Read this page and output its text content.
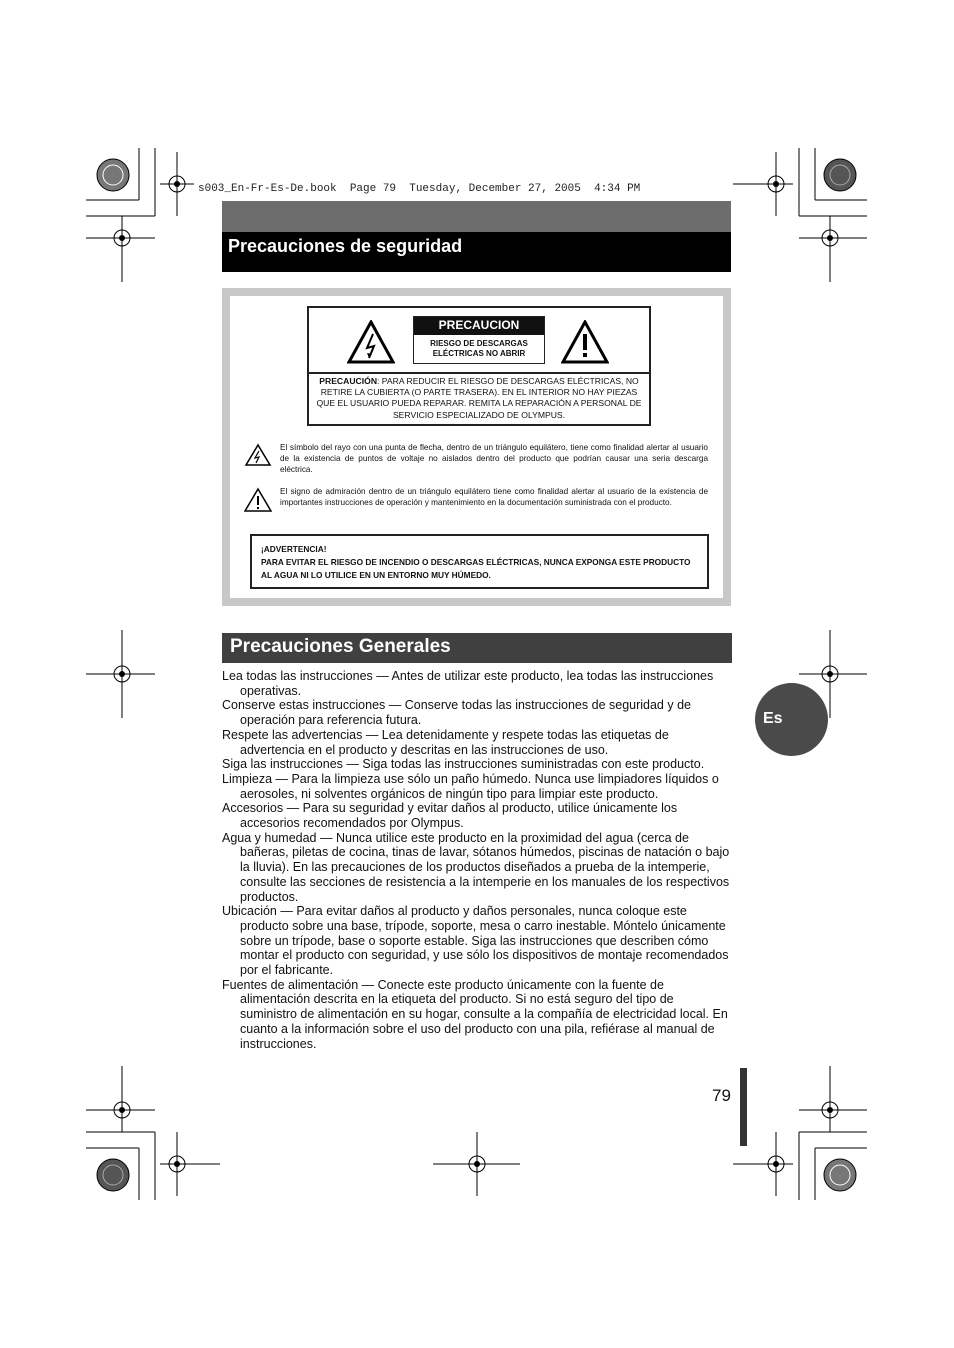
s003_En-Fr-Es-De.book  Page 79  Tuesday, December 27, 2005  4:34 PM
Precauciones de seguridad
PRECAUCION
RIESGO DE DESCARGAS
ELÉCTRICAS NO ABRIR
PRECAUCIÓN: PARA REDUCIR EL RIESGO DE DESCARGAS ELÉCTRICAS, NO RETIRE LA CUBIERTA (O PARTE TRASERA). EN EL INTERIOR NO HAY PIEZAS QUE EL USUARIO PUEDA REPARAR. REMITA LA REPARACIÓN A PERSONAL DE SERVICIO ESPECIALIZADO DE OLYMPUS.
El símbolo del rayo con una punta de flecha, dentro de un triángulo equilátero, tiene como finalidad alertar al usuario de la existencia de puntos de voltaje no aislados dentro del producto que podrían causar una seria descarga eléctrica.
El signo de admiración dentro de un triángulo equilátero tiene como finalidad alertar al usuario de la existencia de importantes instrucciones de operación y mantenimiento en la documentación suministrada con el producto.
¡ADVERTENCIA!
PARA EVITAR EL RIESGO DE INCENDIO O DESCARGAS ELÉCTRICAS, NUNCA EXPONGA ESTE PRODUCTO AL AGUA NI LO UTILICE EN UN ENTORNO MUY HÚMEDO.
Precauciones Generales

Lea todas las instrucciones — Antes de utilizar este producto, lea todas las instrucciones operativas.

Conserve estas instrucciones — Conserve todas las instrucciones de seguridad y de operación para referencia futura.

Respete las advertencias — Lea detenidamente y respete todas las etiquetas de advertencia en el producto y descritas en las instrucciones de uso.

Siga las instrucciones — Siga todas las instrucciones suministradas con este producto.

Limpieza — Para la limpieza use sólo un paño húmedo. Nunca use limpiadores líquidos o aerosoles, ni solventes orgánicos de ningún tipo para limpiar este producto.

Accesorios — Para su seguridad y evitar daños al producto, utilice únicamente los accesorios recomendados por Olympus.

Agua y humedad — Nunca utilice este producto en la proximidad del agua (cerca de bañeras, piletas de cocina, tinas de lavar, sótanos húmedos, piscinas de natación o bajo la lluvia). En las precauciones de los productos diseñados a prueba de la intemperie, consulte las secciones de resistencia a la intemperie en los manuales de los respectivos productos.

Ubicación — Para evitar daños al producto y daños personales, nunca coloque este producto sobre una base, trípode, soporte, mesa o carro inestable. Móntelo únicamente sobre un trípode, base o soporte estable. Siga las instrucciones que describen cómo montar el producto con seguridad, y use sólo los dispositivos de montaje recomendados por el fabricante.

Fuentes de alimentación — Conecte este producto únicamente con la fuente de alimentación descrita en la etiqueta del producto. Si no está seguro del tipo de suministro de alimentación en su hogar, consulte a la compañía de electricidad local. En cuanto a la información sobre el uso del producto con una pila, refiérase al manual de instrucciones.

Es
79
